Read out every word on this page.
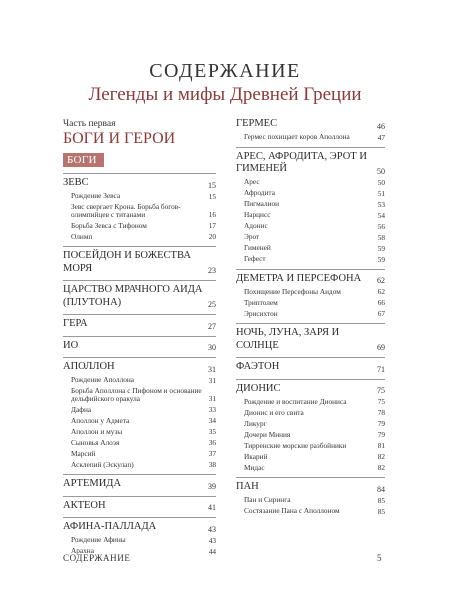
СОДЕРЖАНИЕ
Легенды и мифы Древней Греции
Часть первая
БОГИ И ГЕРОИ
БОГИ
ЗЕВС	15
Рождение Зевса	15
Зевс свергает Крона. Борьба богов-олимпийцев с титанами	16
Борьба Зевса с Тифоном	17
Олимп	20
ПОСЕЙДОН И БОЖЕСТВА МОРЯ	23
ЦАРСТВО МРАЧНОГО АИДА (ПЛУТОНА)	25
ГЕРА	27
ИО	30
АПОЛЛОН	31
Рождение Аполлона	31
Борьба Аполлона с Пифоном и основание дельфийского оракула	31
Дафна	33
Аполлон у Адмета	34
Аполлон и музы	35
Сыновья Алоэя	36
Марсий	37
Асклепий (Эскулап)	38
АРТЕМИДА	39
АКТЕОН	41
АФИНА-ПАЛЛАДА	43
Рождение Афины	43
Арахна	44
ГЕРМЕС	46
Гермес похищает коров Аполлона	47
АРЕС, АФРОДИТА, ЭРОТ И ГИМЕНЕЙ	50
Арес	50
Афродита	51
Пигмалион	53
Нарцисс	54
Адонис	56
Эрот	58
Гименей	59
Гефест	59
ДЕМЕТРА И ПЕРСЕФОНА	62
Похищение Персефоны Аидом	62
Триптолем	66
Эрисихтон	67
НОЧЬ, ЛУНА, ЗАРЯ И СОЛНЦЕ	69
ФАЭТОН	71
ДИОНИС	75
Рождение и воспитание Диониса	75
Дионис и его свита	78
Ликург	79
Дочери Миния	79
Тирренские морские разбойники	81
Икарий	82
Мидас	82
ПАН	84
Пан и Сиринга	85
Состязание Пана с Аполлоном	85
СОДЕРЖАНИЕ	5
